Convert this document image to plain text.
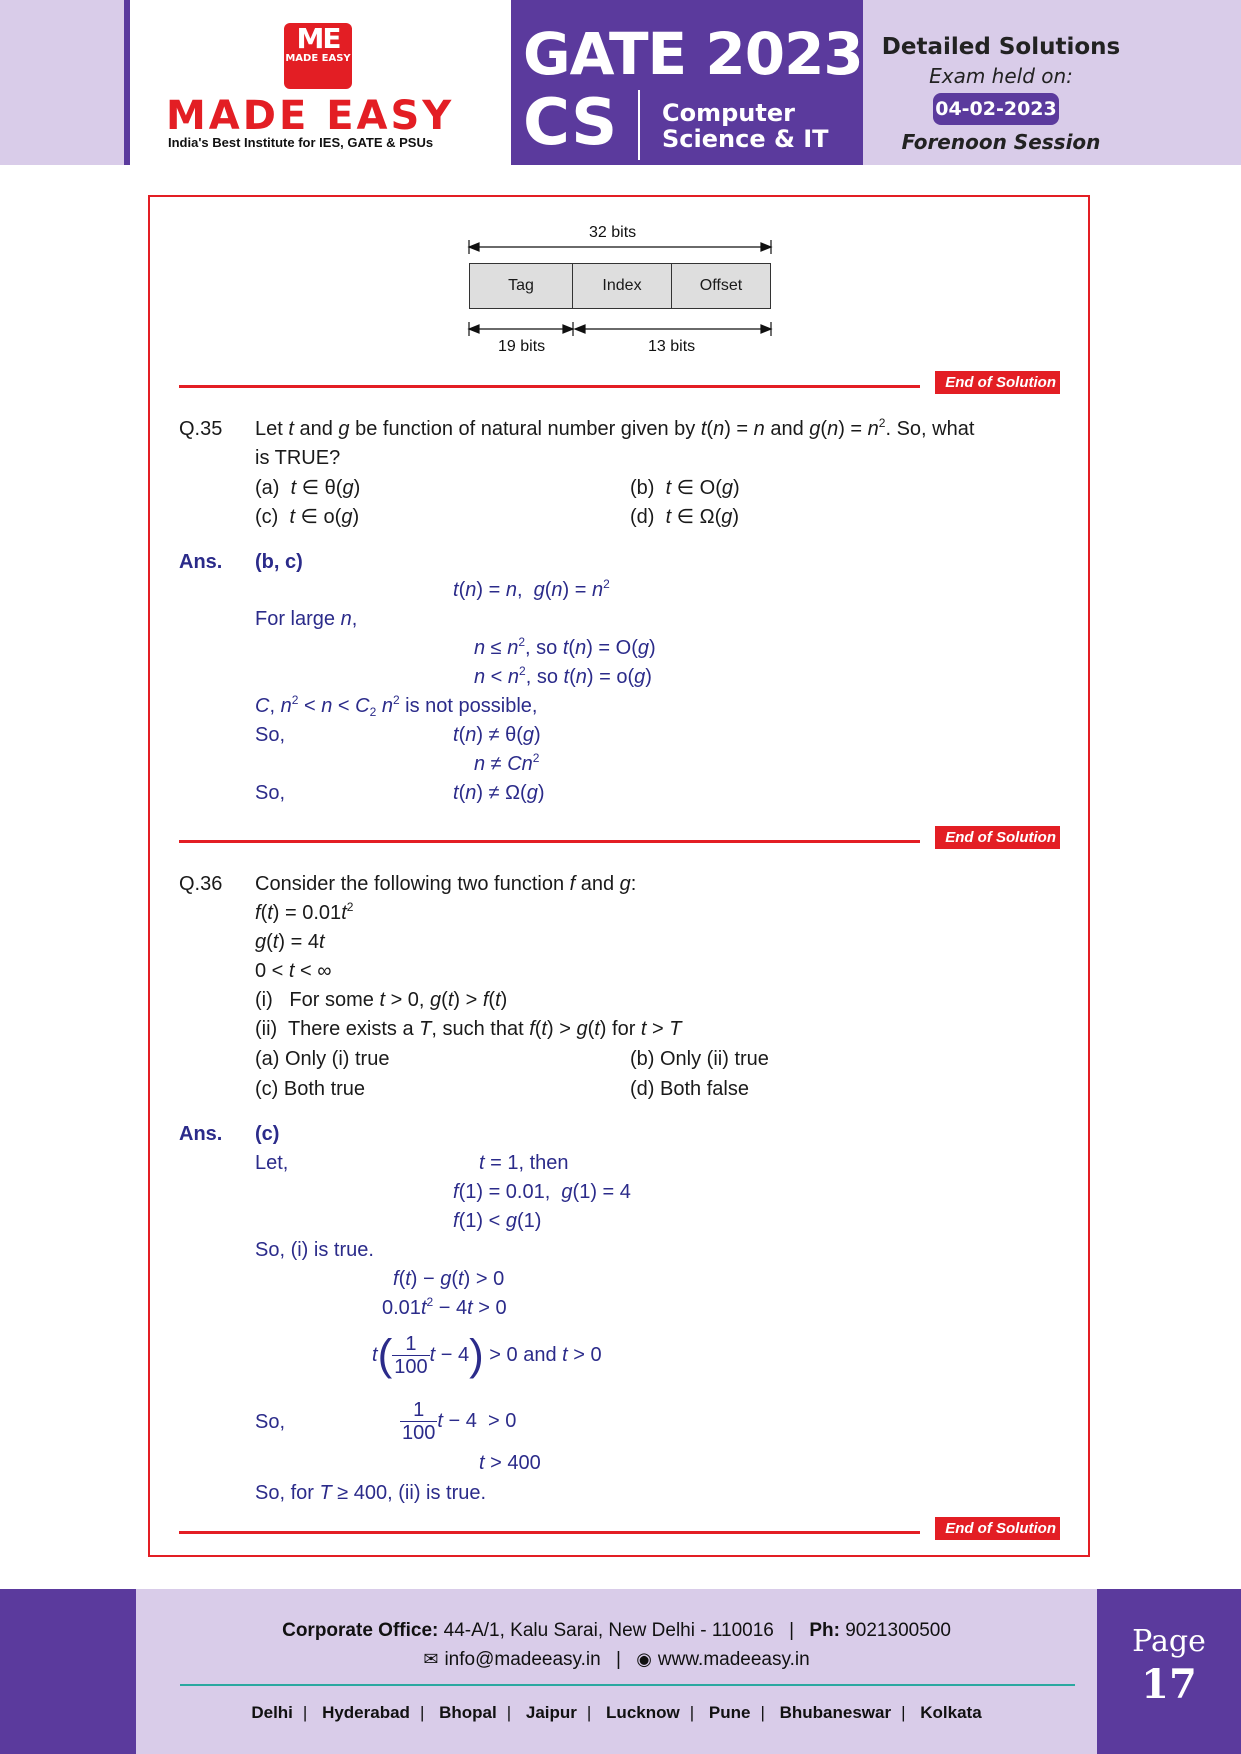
ME
MADE EASY
MADE EASY
India's Best Institute for IES, GATE & PSUs
GATE 2023
CS Computer
Science & IT
Detailed Solutions
Exam held on:
04-02-2023
Forenoon Session
32 bits
Tag	Index	Offset
19 bits	13 bits
End of Solution
Q.35 Let t and g be function of natural number given by t(n) = n and $g(n) = n^2$. So, what
is TRUE?
(a) t ∈ θ(g)	(b) t ∈ O(g)
(c) t ∈ o(g)	(d) t ∈ Ω(g)
Ans. (b, c)
t(n) = n,  $g(n) = n^2$
For large n,
$n \le n^2$, so t(n) = O(g)
$n < n^2$, so t(n) = o(g)
C, $n^2 < n < C_2$ $n^2$ is not possible,
So,	t(n) ≠ θ(g)
$n \ne Cn^2$
So,	t(n) ≠ Ω(g)
End of Solution
Q.36 Consider the following two function f and g:
$f(t) = 0.01t^2$
g(t) = 4t
0 < t < ∞
(i)   For some t > 0, g(t) > f(t)
(ii)  There exists a T, such that f(t) > g(t) for t > T
(a) Only (i) true	(b) Only (ii) true
(c) Both true	(d) Both false
Ans. (c)
Let,	t = 1, then
f(1) = 0.01,  g(1) = 4
f(1) < g(1)
So, (i) is true.
f(t) − g(t) > 0
$0.01t^2 - 4t > 0$
$t( \frac{1}{100}$ t − 4) > 0 and t > 0
So,	$\frac{1}{100}$ t − 4  > 0
t > 400
So, for T ≥ 400, (ii) is true.
End of Solution
Corporate Office: 44-A/1, Kalu Sarai, New Delhi - 110016 | Ph: 9021300500
✉ info@madeeasy.in | ◉ www.madeeasy.in
Delhi | Hyderabad | Bhopal | Jaipur | Lucknow | Pune | Bhubaneswar | Kolkata
Page
17
